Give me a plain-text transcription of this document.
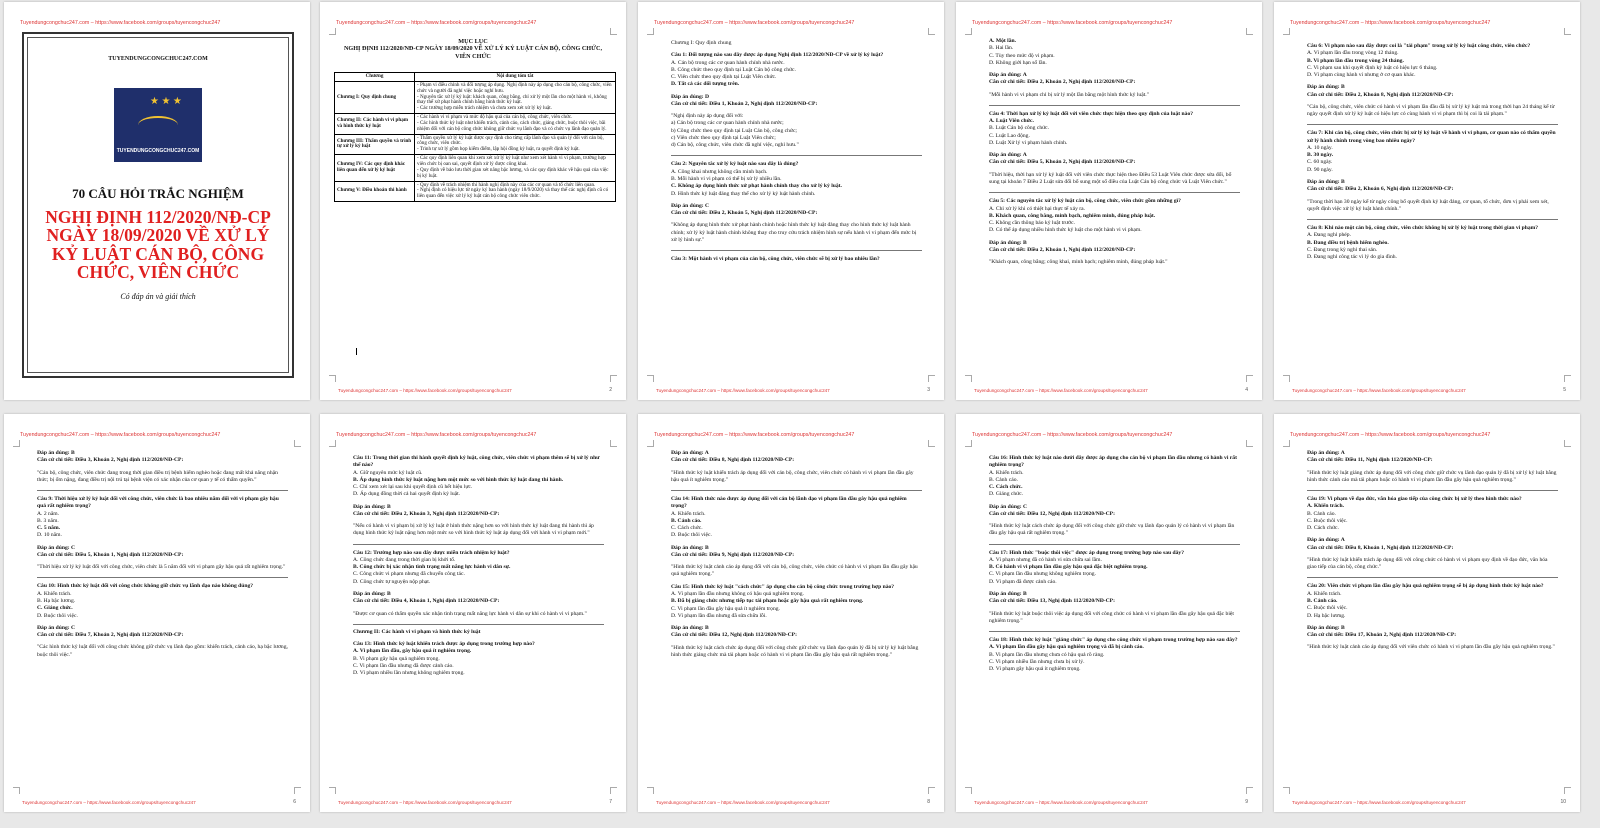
Tuyendungcongchuc247.com – https://www.facebook.com/groups/tuyencongchuc247
TUYENDUNGCONGCHUC247.COM
★ ★ ★
TUYENDUNGCONGCHUC247.COM
70 CÂU HỎI TRẮC NGHIỆM
NGHỊ ĐỊNH 112/2020/NĐ-CP NGÀY 18/09/2020 VỀ XỬ LÝ KỶ LUẬT CÁN BỘ, CÔNG CHỨC, VIÊN CHỨC
Có đáp án và giải thích
Tuyendungcongchuc247.com – https://www.facebook.com/groups/tuyencongchuc247
MỤC LỤC
NGHỊ ĐỊNH 112/2020/NĐ-CP NGÀY 18/09/2020 VỀ XỬ LÝ KỶ LUẬT CÁN BỘ, CÔNG CHỨC, VIÊN CHỨC
Chương	Nội dung tóm tắt
Chương I: Quy định chung	- Phạm vi điều chỉnh và đối tượng áp dụng. Nghị định này áp dụng cho cán bộ, công chức, viên chức và người đã nghỉ việc hoặc nghỉ hưu.
- Nguyên tắc xử lý kỷ luật: khách quan, công bằng, chỉ xử lý một lần cho một hành vi, không thay thế xử phạt hành chính bằng hình thức kỷ luật.
- Các trường hợp miễn trách nhiệm và chưa xem xét xử lý kỷ luật.
Chương II: Các hành vi vi phạm và hình thức kỷ luật	- Các hành vi vi phạm và mức độ hậu quả của cán bộ, công chức, viên chức.
- Các hình thức kỷ luật như khiển trách, cảnh cáo, cách chức, giáng chức, buộc thôi việc, bãi nhiệm đối với cán bộ công chức không giữ chức vụ lãnh đạo và có chức vụ lãnh đạo quản lý.
Chương III: Thẩm quyền và trình tự xử lý kỷ luật	- Thẩm quyền xử lý kỷ luật được quy định cho từng cấp lãnh đạo và quản lý đối với cán bộ, công chức, viên chức.
- Trình tự xử lý gồm họp kiểm điểm, lập hội đồng kỷ luật, ra quyết định kỷ luật.
Chương IV: Các quy định khác liên quan đến xử lý kỷ luật	- Các quy định liên quan khi xem xét xử lý kỷ luật như xem xét hành vi vi phạm, trường hợp viên chức bị oan sai, quyết định xử lý được công khai.
- Quy định về bảo lưu thời gian xét nâng bậc lương, và các quy định khác về hậu quả của việc bị kỷ luật.
Chương V: Điều khoản thi hành	- Quy định về trách nhiệm thi hành nghị định này của các cơ quan và tổ chức liên quan.
- Nghị định có hiệu lực từ ngày ký ban hành (ngày 18/9/2020) và thay thế các nghị định cũ có liên quan đến việc xử lý kỷ luật cán bộ công chức viên chức.
Tuyendungcongchuc247.com – https://www.facebook.com/groups/tuyencongchuc247	2
Tuyendungcongchuc247.com – https://www.facebook.com/groups/tuyencongchuc247
Chương I: Quy định chung
Câu 1: Đối tượng nào sau đây được áp dụng Nghị định 112/2020/NĐ-CP về xử lý kỷ luật?
A. Cán bộ trong các cơ quan hành chính nhà nước.
B. Công chức theo quy định tại Luật Cán bộ công chức.
C. Viên chức theo quy định tại Luật Viên chức.
D. Tất cả các đối tượng trên.
Đáp án đúng: D
Căn cứ chi tiết: Điều 1, Khoản 2, Nghị định 112/2020/NĐ-CP:
"Nghị định này áp dụng đối với:
a) Cán bộ trong các cơ quan hành chính nhà nước;
b) Công chức theo quy định tại Luật Cán bộ, công chức;
c) Viên chức theo quy định tại Luật Viên chức;
d) Cán bộ, công chức, viên chức đã nghỉ việc, nghỉ hưu."
Câu 2: Nguyên tắc xử lý kỷ luật nào sau đây là đúng?
A. Công khai nhưng không cần minh bạch.
B. Mỗi hành vi vi phạm có thể bị xử lý nhiều lần.
C. Không áp dụng hình thức xử phạt hành chính thay cho xử lý kỷ luật.
D. Hình thức kỷ luật đáng thay thế cho xử lý kỷ luật hành chính.
Đáp án đúng: C
Căn cứ chi tiết: Điều 2, Khoản 5, Nghị định 112/2020/NĐ-CP:
"Không áp dụng hình thức xử phạt hành chính hoặc hình thức kỷ luật đảng thay cho hình thức kỷ luật hành chính; xử lý kỷ luật hành chính không thay cho truy cứu trách nhiệm hình sự nếu hành vi vi phạm đến mức bị xử lý hình sự."
Câu 3: Một hành vi vi phạm của cán bộ, công chức, viên chức sẽ bị xử lý bao nhiêu lần?
Tuyendungcongchuc247.com – https://www.facebook.com/groups/tuyencongchuc247	3
Tuyendungcongchuc247.com – https://www.facebook.com/groups/tuyencongchuc247
A. Một lần.
B. Hai lần.
C. Tùy theo mức độ vi phạm.
D. Không giới hạn số lần.
Đáp án đúng: A
Căn cứ chi tiết: Điều 2, Khoản 2, Nghị định 112/2020/NĐ-CP:
"Mỗi hành vi vi phạm chỉ bị xử lý một lần bằng một hình thức kỷ luật."
Câu 4: Thời hạn xử lý kỷ luật đối với viên chức thực hiện theo quy định của luật nào?
A. Luật Viên chức.
B. Luật Cán bộ công chức.
C. Luật Lao động.
D. Luật Xử lý vi phạm hành chính.
Đáp án đúng: A
Căn cứ chi tiết: Điều 5, Khoản 2, Nghị định 112/2020/NĐ-CP:
"Thời hiệu, thời hạn xử lý kỷ luật đối với viên chức thực hiện theo Điều 53 Luật Viên chức được sửa đổi, bổ sung tại khoản 7 Điều 2 Luật sửa đổi bổ sung một số điều của Luật Cán bộ công chức và Luật Viên chức."
Câu 5: Các nguyên tắc xử lý kỷ luật cán bộ, công chức, viên chức gồm những gì?
A. Chỉ xử lý khi có thiệt hại thực tế xảy ra.
B. Khách quan, công bằng, minh bạch, nghiêm minh, đúng pháp luật.
C. Không cần thông báo kỷ luật trước.
D. Có thể áp dụng nhiều hình thức kỷ luật cho một hành vi vi phạm.
Đáp án đúng: B
Căn cứ chi tiết: Điều 2, Khoản 1, Nghị định 112/2020/NĐ-CP:
"Khách quan, công bằng; công khai, minh bạch; nghiêm minh, đúng pháp luật."
Tuyendungcongchuc247.com – https://www.facebook.com/groups/tuyencongchuc247	4
Tuyendungcongchuc247.com – https://www.facebook.com/groups/tuyencongchuc247
Câu 6: Vi phạm nào sau đây được coi là "tái phạm" trong xử lý kỷ luật công chức, viên chức?
A. Vi phạm lần đầu trong vòng 12 tháng.
B. Vi phạm lần đầu trong vòng 24 tháng.
C. Vi phạm sau khi quyết định kỷ luật có hiệu lực 6 tháng.
D. Vi phạm cùng hành vi nhưng ở cơ quan khác.
Đáp án đúng: B
Căn cứ chi tiết: Điều 2, Khoản 8, Nghị định 112/2020/NĐ-CP:
"Cán bộ, công chức, viên chức có hành vi vi phạm lần đầu đã bị xử lý kỷ luật mà trong thời hạn 24 tháng kể từ ngày quyết định xử lý kỷ luật có hiệu lực có cùng hành vi vi phạm thì bị coi là tái phạm."
Câu 7: Khi cán bộ, công chức, viên chức bị xử lý kỷ luật về hành vi vi phạm, cơ quan nào có thẩm quyền xử lý hành chính trong vòng bao nhiêu ngày?
A. 10 ngày.
B. 30 ngày.
C. 60 ngày.
D. 90 ngày.
Đáp án đúng: B
Căn cứ chi tiết: Điều 2, Khoản 6, Nghị định 112/2020/NĐ-CP:
"Trong thời hạn 30 ngày kể từ ngày công bố quyết định kỷ luật đảng, cơ quan, tổ chức, đơn vị phải xem xét, quyết định việc xử lý kỷ luật hành chính."
Câu 8: Khi nào một cán bộ, công chức, viên chức không bị xử lý kỷ luật trong thời gian vi phạm?
A. Đang nghỉ phép.
B. Đang điều trị bệnh hiểm nghèo.
C. Đang trong kỳ nghỉ thai sản.
D. Đang nghỉ công tác vì lý do gia đình.
Tuyendungcongchuc247.com – https://www.facebook.com/groups/tuyencongchuc247	5
Tuyendungcongchuc247.com – https://www.facebook.com/groups/tuyencongchuc247
Đáp án đúng: B
Căn cứ chi tiết: Điều 3, Khoản 2, Nghị định 112/2020/NĐ-CP:
"Cán bộ, công chức, viên chức đang trong thời gian điều trị bệnh hiểm nghèo hoặc đang mất khả năng nhận thức; bị ốm nặng, đang điều trị nội trú tại bệnh viện có xác nhận của cơ quan y tế có thẩm quyền."
Câu 9: Thời hiệu xử lý kỷ luật đối với công chức, viên chức là bao nhiêu năm đối với vi phạm gây hậu quả rất nghiêm trọng?
A. 2 năm.
B. 3 năm.
C. 5 năm.
D. 10 năm.
Đáp án đúng: C
Căn cứ chi tiết: Điều 5, Khoản 1, Nghị định 112/2020/NĐ-CP:
"Thời hiệu xử lý kỷ luật đối với công chức, viên chức là 5 năm đối với vi phạm gây hậu quả rất nghiêm trọng."
Câu 10: Hình thức kỷ luật đối với công chức không giữ chức vụ lãnh đạo nào không đúng?
A. Khiển trách.
B. Hạ bậc lương.
C. Giáng chức.
D. Buộc thôi việc.
Đáp án đúng: C
Căn cứ chi tiết: Điều 7, Khoản 2, Nghị định 112/2020/NĐ-CP:
"Các hình thức kỷ luật đối với công chức không giữ chức vụ lãnh đạo gồm: khiển trách, cảnh cáo, hạ bậc lương, buộc thôi việc."
Tuyendungcongchuc247.com – https://www.facebook.com/groups/tuyencongchuc247	6
Tuyendungcongchuc247.com – https://www.facebook.com/groups/tuyencongchuc247
Câu 11: Trong thời gian thi hành quyết định kỷ luật, công chức, viên chức vi phạm thêm sẽ bị xử lý như thế nào?
A. Giữ nguyên mức kỷ luật cũ.
B. Áp dụng hình thức kỷ luật nặng hơn một mức so với hình thức kỷ luật đang thi hành.
C. Chỉ xem xét lại sau khi quyết định cũ hết hiệu lực.
D. Áp dụng đồng thời cả hai quyết định kỷ luật.
Đáp án đúng: B
Căn cứ chi tiết: Điều 2, Khoản 3, Nghị định 112/2020/NĐ-CP:
"Nếu có hành vi vi phạm bị xử lý kỷ luật ở hình thức nặng hơn so với hình thức kỷ luật đang thi hành thì áp dụng hình thức kỷ luật nặng hơn một mức so với hình thức kỷ luật áp dụng đối với hành vi vi phạm mới."
Câu 12: Trường hợp nào sau đây được miễn trách nhiệm kỷ luật?
A. Công chức đang trong thời gian bị khởi tố.
B. Công chức bị xác nhận tình trạng mất năng lực hành vi dân sự.
C. Công chức vi phạm nhưng đã chuyển công tác.
D. Công chức tự nguyện nộp phạt.
Đáp án đúng: B
Căn cứ chi tiết: Điều 4, Khoản 1, Nghị định 112/2020/NĐ-CP:
"Được cơ quan có thẩm quyền xác nhận tình trạng mất năng lực hành vi dân sự khi có hành vi vi phạm."
Chương II: Các hành vi vi phạm và hình thức kỷ luật
Câu 13: Hình thức kỷ luật khiển trách được áp dụng trong trường hợp nào?
A. Vi phạm lần đầu, gây hậu quả ít nghiêm trọng.
B. Vi phạm gây hậu quả nghiêm trọng.
C. Vi phạm lần đầu nhưng đã được cảnh cáo.
D. Vi phạm nhiều lần nhưng không nghiêm trọng.
Tuyendungcongchuc247.com – https://www.facebook.com/groups/tuyencongchuc247	7
Tuyendungcongchuc247.com – https://www.facebook.com/groups/tuyencongchuc247
Đáp án đúng: A
Căn cứ chi tiết: Điều 8, Nghị định 112/2020/NĐ-CP:
"Hình thức kỷ luật khiển trách áp dụng đối với cán bộ, công chức, viên chức có hành vi vi phạm lần đầu gây hậu quả ít nghiêm trọng."
Câu 14: Hình thức nào được áp dụng đối với cán bộ lãnh đạo vi phạm lần đầu gây hậu quả nghiêm trọng?
A. Khiển trách.
B. Cảnh cáo.
C. Cách chức.
D. Buộc thôi việc.
Đáp án đúng: B
Căn cứ chi tiết: Điều 9, Nghị định 112/2020/NĐ-CP:
"Hình thức kỷ luật cảnh cáo áp dụng đối với cán bộ, công chức, viên chức có hành vi vi phạm lần đầu gây hậu quả nghiêm trọng."
Câu 15: Hình thức kỷ luật "cách chức" áp dụng cho cán bộ công chức trong trường hợp nào?
A. Vi phạm lần đầu nhưng không có hậu quả nghiêm trọng.
B. Đã bị giáng chức nhưng tiếp tục tái phạm hoặc gây hậu quả rất nghiêm trọng.
C. Vi phạm lần đầu gây hậu quả ít nghiêm trọng.
D. Vi phạm lần đầu nhưng đã sửa chữa lỗi.
Đáp án đúng: B
Căn cứ chi tiết: Điều 12, Nghị định 112/2020/NĐ-CP:
"Hình thức kỷ luật cách chức áp dụng đối với công chức giữ chức vụ lãnh đạo quản lý đã bị xử lý kỷ luật bằng hình thức giáng chức mà tái phạm hoặc có hành vi vi phạm lần đầu gây hậu quả rất nghiêm trọng."
Tuyendungcongchuc247.com – https://www.facebook.com/groups/tuyencongchuc247	8
Tuyendungcongchuc247.com – https://www.facebook.com/groups/tuyencongchuc247
Câu 16: Hình thức kỷ luật nào dưới đây được áp dụng cho cán bộ vi phạm lần đầu nhưng có hành vi rất nghiêm trọng?
A. Khiển trách.
B. Cảnh cáo.
C. Cách chức.
D. Giáng chức.
Đáp án đúng: C
Căn cứ chi tiết: Điều 12, Nghị định 112/2020/NĐ-CP:
"Hình thức kỷ luật cách chức áp dụng đối với công chức giữ chức vụ lãnh đạo quản lý có hành vi vi phạm lần đầu gây hậu quả rất nghiêm trọng."
Câu 17: Hình thức "buộc thôi việc" được áp dụng trong trường hợp nào sau đây?
A. Vi phạm nhưng đã có hành vi sửa chữa sai lầm.
B. Có hành vi vi phạm lần đầu gây hậu quả đặc biệt nghiêm trọng.
C. Vi phạm lần đầu nhưng không nghiêm trọng.
D. Vi phạm đã được cảnh cáo.
Đáp án đúng: B
Căn cứ chi tiết: Điều 13, Nghị định 112/2020/NĐ-CP:
"Hình thức kỷ luật buộc thôi việc áp dụng đối với công chức có hành vi vi phạm lần đầu gây hậu quả đặc biệt nghiêm trọng."
Câu 18: Hình thức kỷ luật "giáng chức" áp dụng cho công chức vi phạm trong trường hợp nào sau đây?
A. Vi phạm lần đầu gây hậu quả nghiêm trọng và đã bị cảnh cáo.
B. Vi phạm lần đầu nhưng chưa có hậu quả rõ ràng.
C. Vi phạm nhiều lần nhưng chưa bị xử lý.
D. Vi phạm gây hậu quả ít nghiêm trọng.
Tuyendungcongchuc247.com – https://www.facebook.com/groups/tuyencongchuc247	9
Tuyendungcongchuc247.com – https://www.facebook.com/groups/tuyencongchuc247
Đáp án đúng: A
Căn cứ chi tiết: Điều 11, Nghị định 112/2020/NĐ-CP:
"Hình thức kỷ luật giáng chức áp dụng đối với công chức giữ chức vụ lãnh đạo quản lý đã bị xử lý kỷ luật bằng hình thức cảnh cáo mà tái phạm hoặc có hành vi vi phạm lần đầu gây hậu quả nghiêm trọng."
Câu 19: Vi phạm về đạo đức, văn hóa giao tiếp của công chức bị xử lý theo hình thức nào?
A. Khiển trách.
B. Cảnh cáo.
C. Buộc thôi việc.
D. Cách chức.
Đáp án đúng: A
Căn cứ chi tiết: Điều 8, Khoản 1, Nghị định 112/2020/NĐ-CP:
"Hình thức kỷ luật khiển trách áp dụng đối với công chức có hành vi vi phạm quy định về đạo đức, văn hóa giao tiếp của cán bộ, công chức."
Câu 20: Viên chức vi phạm lần đầu gây hậu quả nghiêm trọng sẽ bị áp dụng hình thức kỷ luật nào?
A. Khiển trách.
B. Cảnh cáo.
C. Buộc thôi việc.
D. Hạ bậc lương.
Đáp án đúng: B
Căn cứ chi tiết: Điều 17, Khoản 2, Nghị định 112/2020/NĐ-CP:
"Hình thức kỷ luật cảnh cáo áp dụng đối với viên chức có hành vi vi phạm lần đầu gây hậu quả nghiêm trọng."
Tuyendungcongchuc247.com – https://www.facebook.com/groups/tuyencongchuc247	10
